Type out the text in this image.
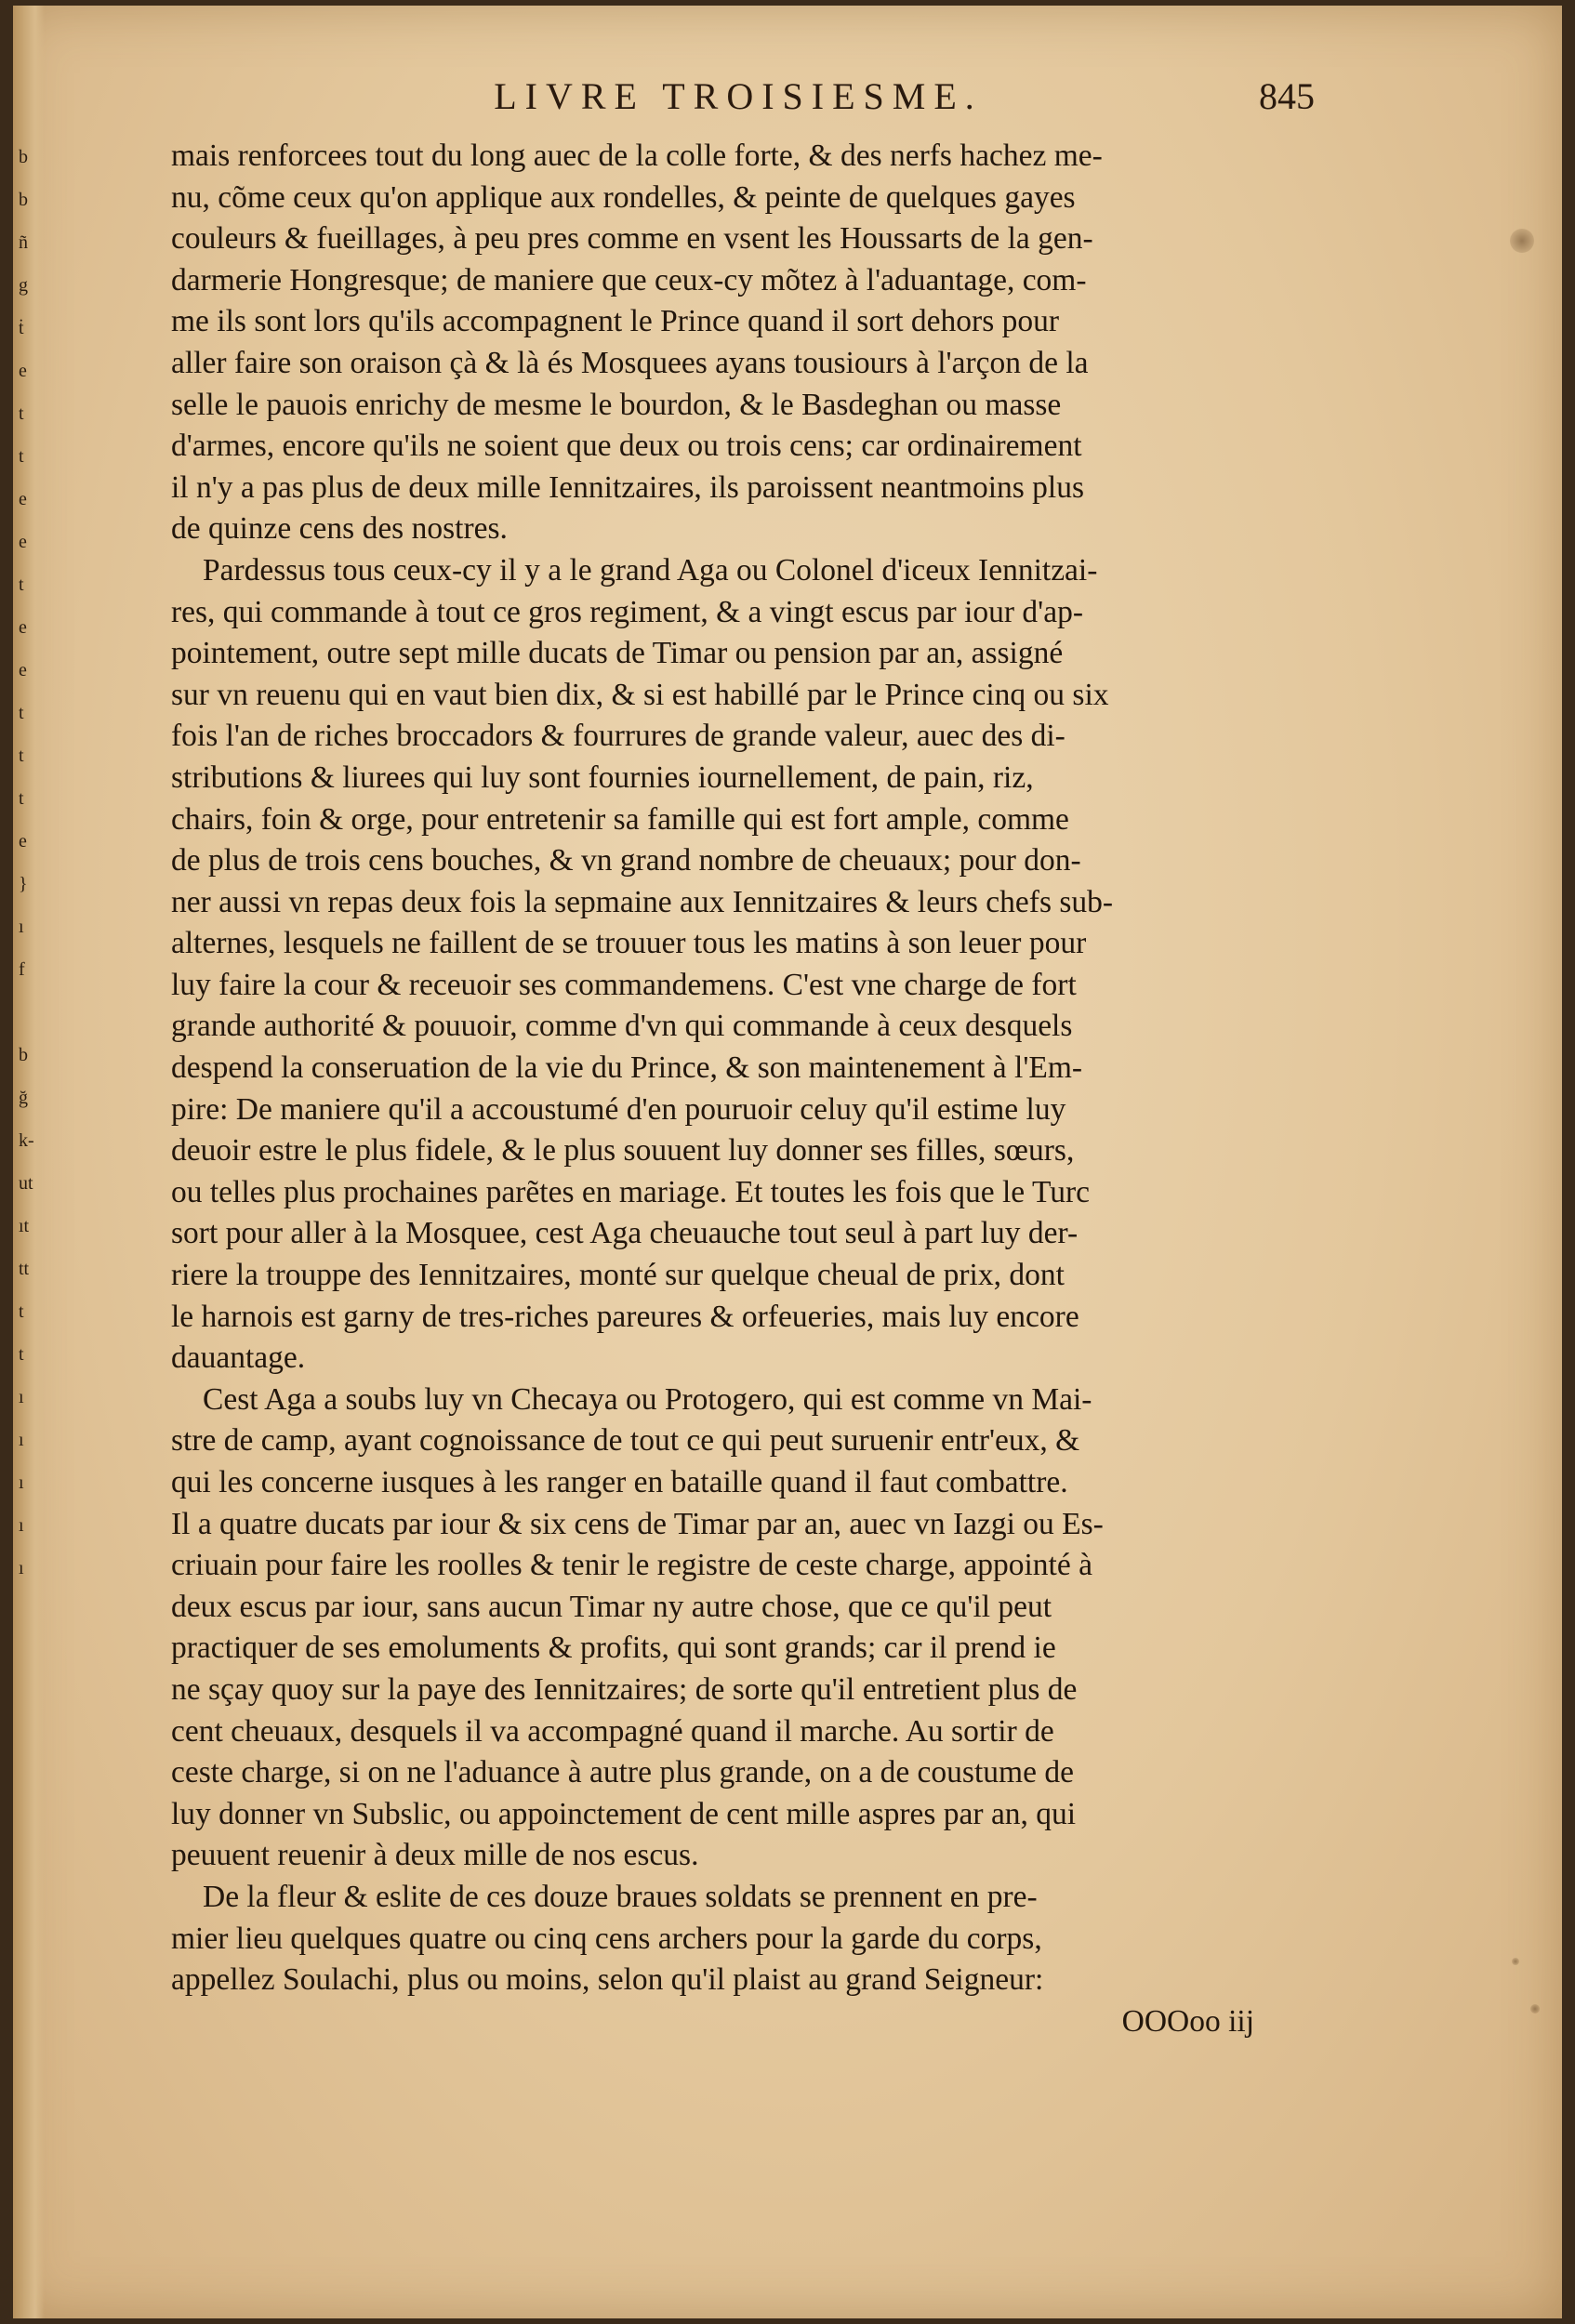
b
b
ñ
g
ṫ
e
t
t
e
e
t
e
e
t
t
t
e
}
ı
f
b
ğ
k-
ut
ıt
tt
t
t
ı
ı
ı
ı
ı
LIVRE TROISIESME.	845
mais renforcees tout du long auec de la colle forte, & des nerfs hachez me-
nu, cõme ceux qu'on applique aux rondelles, & peinte de quelques gayes
couleurs & fueillages, à peu pres comme en vsent les Houssarts de la gen-
darmerie Hongresque; de maniere que ceux-cy mõtez à l'aduantage, com-
me ils sont lors qu'ils accompagnent le Prince quand il sort dehors pour
aller faire son oraison çà & là és Mosquees ayans tousiours à l'arçon de la
selle le pauois enrichy de mesme le bourdon, & le Basdeghan ou masse
d'armes, encore qu'ils ne soient que deux ou trois cens; car ordinairement
il n'y a pas plus de deux mille Iennitzaires, ils paroissent neantmoins plus
de quinze cens des nostres.
Pardessus tous ceux-cy il y a le grand Aga ou Colonel d'iceux Iennitzai-
res, qui commande à tout ce gros regiment, & a vingt escus par iour d'ap-
pointement, outre sept mille ducats de Timar ou pension par an, assigné
sur vn reuenu qui en vaut bien dix, & si est habillé par le Prince cinq ou six
fois l'an de riches broccadors & fourrures de grande valeur, auec des di-
stributions & liurees qui luy sont fournies iournellement, de pain, riz,
chairs, foin & orge, pour entretenir sa famille qui est fort ample, comme
de plus de trois cens bouches, & vn grand nombre de cheuaux; pour don-
ner aussi vn repas deux fois la sepmaine aux Iennitzaires & leurs chefs sub-
alternes, lesquels ne faillent de se trouuer tous les matins à son leuer pour
luy faire la cour & receuoir ses commandemens. C'est vne charge de fort
grande authorité & pouuoir, comme d'vn qui commande à ceux desquels
despend la conseruation de la vie du Prince, & son maintenement à l'Em-
pire: De maniere qu'il a accoustumé d'en pouruoir celuy qu'il estime luy
deuoir estre le plus fidele, & le plus souuent luy donner ses filles, sœurs,
ou telles plus prochaines parẽtes en mariage. Et toutes les fois que le Turc
sort pour aller à la Mosquee, cest Aga cheuauche tout seul à part luy der-
riere la trouppe des Iennitzaires, monté sur quelque cheual de prix, dont
le harnois est garny de tres-riches pareures & orfeueries, mais luy encore
dauantage.
Cest Aga a soubs luy vn Checaya ou Protogero, qui est comme vn Mai-
stre de camp, ayant cognoissance de tout ce qui peut suruenir entr'eux, &
qui les concerne iusques à les ranger en bataille quand il faut combattre.
Il a quatre ducats par iour & six cens de Timar par an, auec vn Iazgi ou Es-
criuain pour faire les roolles & tenir le registre de ceste charge, appointé à
deux escus par iour, sans aucun Timar ny autre chose, que ce qu'il peut
practiquer de ses emoluments & profits, qui sont grands; car il prend ie
ne sçay quoy sur la paye des Iennitzaires; de sorte qu'il entretient plus de
cent cheuaux, desquels il va accompagné quand il marche. Au sortir de
ceste charge, si on ne l'aduance à autre plus grande, on a de coustume de
luy donner vn Subslic, ou appoinctement de cent mille aspres par an, qui
peuuent reuenir à deux mille de nos escus.
De la fleur & eslite de ces douze braues soldats se prennent en pre-
mier lieu quelques quatre ou cinq cens archers pour la garde du corps,
appellez Soulachi, plus ou moins, selon qu'il plaist au grand Seigneur:
OOOoo iij
